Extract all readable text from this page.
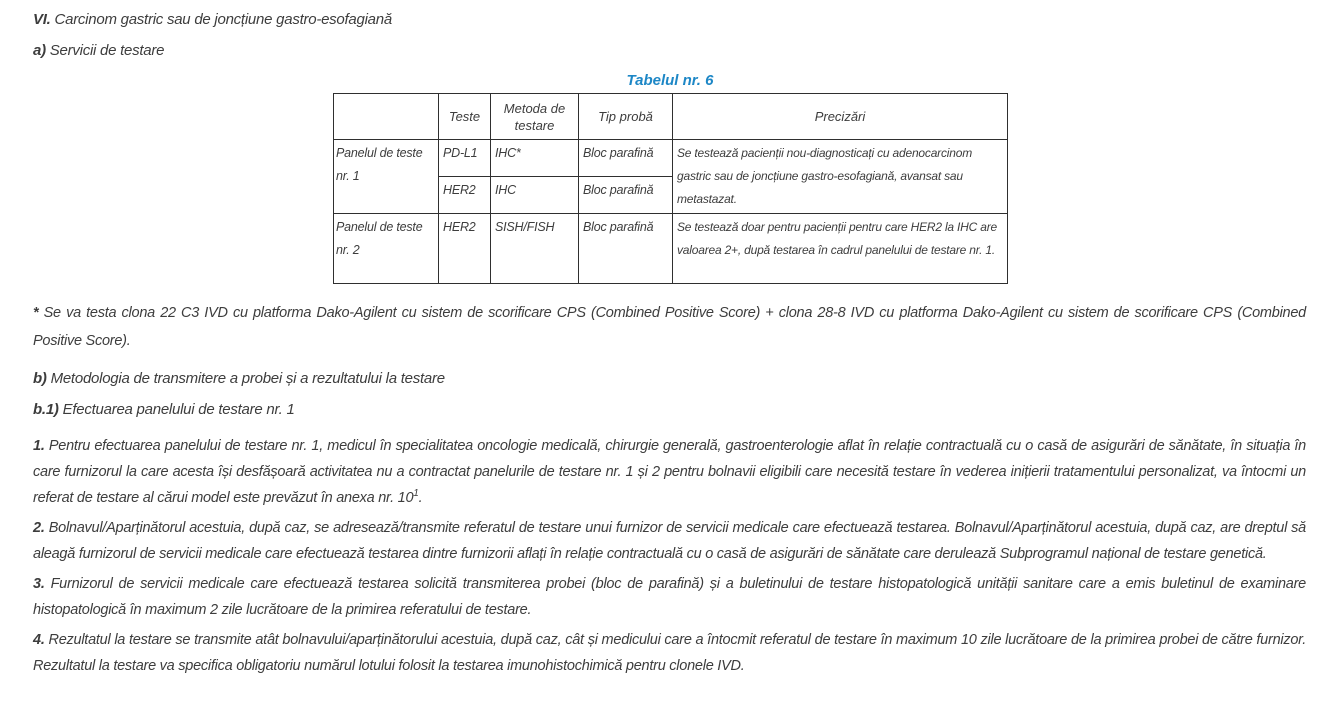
VI. Carcinom gastric sau de joncțiune gastro-esofagiană

a) Servicii de testare

Tabelul nr. 6
	Teste	Metoda de testare	Tip probă	Precizări
Panelul de teste nr. 1	PD-L1	IHC*	Bloc parafină	Se testează pacienții nou-diagnosticați cu adenocarcinom gastric sau de joncțiune gastro-esofagiană, avansat sau metastazat.
	HER2	IHC	Bloc parafină	
Panelul de teste nr. 2	HER2	SISH/FISH	Bloc parafină	Se testează doar pentru pacienții pentru care HER2 la IHC are valoarea 2+, după testarea în cadrul panelului de testare nr. 1.

* Se va testa clona 22 C3 IVD cu platforma Dako-Agilent cu sistem de scorificare CPS (Combined Positive Score) + clona 28-8 IVD cu platforma Dako-Agilent cu sistem de scorificare CPS (Combined Positive Score).

b) Metodologia de transmitere a probei și a rezultatului la testare

b.1) Efectuarea panelului de testare nr. 1

1. Pentru efectuarea panelului de testare nr. 1, medicul în specialitatea oncologie medicală, chirurgie generală, gastroenterologie aflat în relație contractuală cu o casă de asigurări de sănătate, în situația în care furnizorul la care acesta își desfășoară activitatea nu a contractat panelurile de testare nr. 1 și 2 pentru bolnavii eligibili care necesită testare în vederea inițierii tratamentului personalizat, va întocmi un referat de testare al cărui model este prevăzut în anexa nr. $10^1$.

2. Bolnavul/Aparținătorul acestuia, după caz, se adresează/transmite referatul de testare unui furnizor de servicii medicale care efectuează testarea. Bolnavul/Aparținătorul acestuia, după caz, are dreptul să aleagă furnizorul de servicii medicale care efectuează testarea dintre furnizorii aflați în relație contractuală cu o casă de asigurări de sănătate care derulează Subprogramul național de testare genetică.

3. Furnizorul de servicii medicale care efectuează testarea solicită transmiterea probei (bloc de parafină) și a buletinului de testare histopatologică unității sanitare care a emis buletinul de examinare histopatologică în maximum 2 zile lucrătoare de la primirea referatului de testare.

4. Rezultatul la testare se transmite atât bolnavului/aparținătorului acestuia, după caz, cât și medicului care a întocmit referatul de testare în maximum 10 zile lucrătoare de la primirea probei de către furnizor. Rezultatul la testare va specifica obligatoriu numărul lotului folosit la testarea imunohistochimică pentru clonele IVD.
